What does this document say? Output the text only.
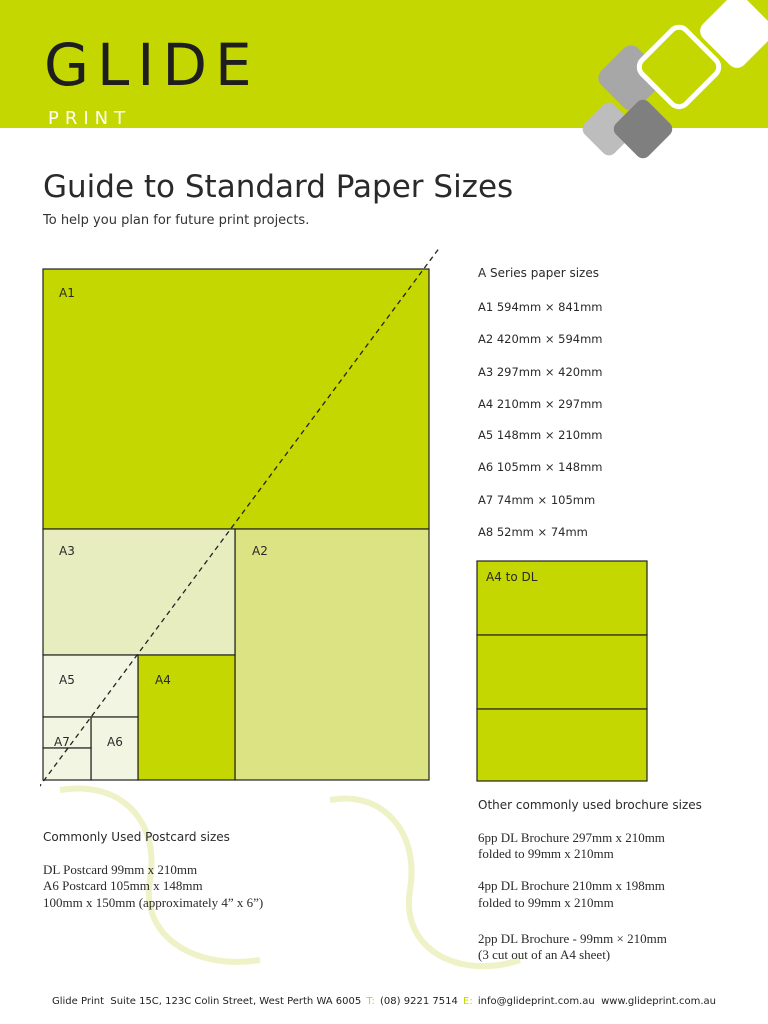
GLIDE
PRINT
Guide to Standard Paper Sizes
To help you plan for future print projects.
A1
A2
A3
A4
A5
A6
A7
A Series paper sizes
A1 594mm × 841mm
A2 420mm × 594mm
A3 297mm × 420mm
A4 210mm × 297mm
A5 148mm × 210mm
A6 105mm × 148mm
A7 74mm × 105mm
A8 52mm × 74mm
A4 to DL
Other commonly used brochure sizes
6pp DL Brochure 297mm x 210mm
folded to 99mm x 210mm
4pp DL Brochure 210mm x 198mm
folded to 99mm x 210mm
2pp DL Brochure - 99mm × 210mm
(3 cut out of an A4 sheet)
Commonly Used Postcard sizes
DL Postcard 99mm x 210mm
A6 Postcard 105mm x 148mm
100mm x 150mm (approximately 4” x 6”)
Glide Print Suite 15C, 123C Colin Street, West Perth WA 6005 T: (08) 9221 7514 E: info@glideprint.com.au www.glideprint.com.au
